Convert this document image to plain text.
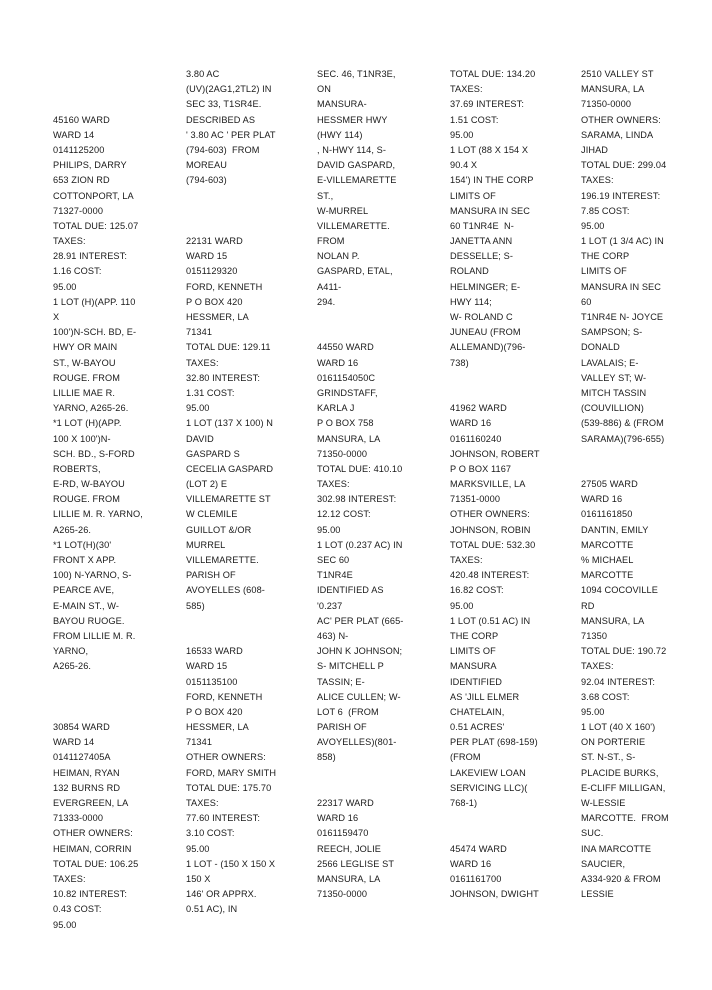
45160 WARD
WARD 14
0141125200
PHILIPS, DARRY
653 ZION RD
COTTONPORT, LA
71327-0000
TOTAL DUE: 125.07
TAXES:
28.91 INTEREST:
1.16 COST:
95.00
1 LOT (H)(APP. 110
X
100')N-SCH. BD, E-
HWY OR MAIN
ST., W-BAYOU
ROUGE. FROM
LILLIE MAE R.
YARNO, A265-26.
*1 LOT (H)(APP.
100 X 100')N-
SCH. BD., S-FORD
ROBERTS,
E-RD, W-BAYOU
ROUGE. FROM
LILLIE M. R. YARNO,
A265-26.
*1 LOT(H)(30'
FRONT X APP.
100) N-YARNO, S-
PEARCE AVE,
E-MAIN ST., W-
BAYOU RUOGE.
FROM LILLIE M. R.
YARNO,
A265-26.
30854 WARD
WARD 14
0141127405A
HEIMAN, RYAN
132 BURNS RD
EVERGREEN, LA
71333-0000
OTHER OWNERS:
HEIMAN, CORRIN
TOTAL DUE: 106.25
TAXES:
10.82 INTEREST:
0.43 COST:
95.00
3.80 AC
(UV)(2AG1,2TL2) IN
SEC 33, T1SR4E.
DESCRIBED AS
' 3.80 AC ' PER PLAT
(794-603)  FROM
MOREAU
(794-603)
22131 WARD
WARD 15
0151129320
FORD, KENNETH
P O BOX 420
HESSMER, LA
71341
TOTAL DUE: 129.11
TAXES:
32.80 INTEREST:
1.31 COST:
95.00
1 LOT (137 X 100) N
DAVID
GASPARD S
CECELIA GASPARD
(LOT 2) E
VILLEMARETTE ST
W CLEMILE
GUILLOT &/OR
MURREL
VILLEMARETTE.
PARISH OF
AVOYELLES (608-
585)
16533 WARD
WARD 15
0151135100
FORD, KENNETH
P O BOX 420
HESSMER, LA
71341
OTHER OWNERS:
FORD, MARY SMITH
TOTAL DUE: 175.70
TAXES:
77.60 INTEREST:
3.10 COST:
95.00
1 LOT - (150 X 150 X
150 X
146' OR APPRX.
0.51 AC), IN
SEC. 46, T1NR3E,
ON
MANSURA-
HESSMER HWY
(HWY 114)
, N-HWY 114, S-
DAVID GASPARD,
E-VILLEMARETTE
ST.,
W-MURREL
VILLEMARETTE.
FROM
NOLAN P.
GASPARD, ETAL,
A411-
294.
44550 WARD
WARD 16
0161154050C
GRINDSTAFF,
KARLA J
P O BOX 758
MANSURA, LA
71350-0000
TOTAL DUE: 410.10
TAXES:
302.98 INTEREST:
12.12 COST:
95.00
1 LOT (0.237 AC) IN
SEC 60
T1NR4E
IDENTIFIED AS
'0.237
AC' PER PLAT (665-
463) N-
JOHN K JOHNSON;
S- MITCHELL P
TASSIN; E-
ALICE CULLEN; W-
LOT 6  (FROM
PARISH OF
AVOYELLES)(801-
858)
22317 WARD
WARD 16
0161159470
REECH, JOLIE
2566 LEGLISE ST
MANSURA, LA
71350-0000
TOTAL DUE: 134.20
TAXES:
37.69 INTEREST:
1.51 COST:
95.00
1 LOT (88 X 154 X
90.4 X
154') IN THE CORP
LIMITS OF
MANSURA IN SEC
60 T1NR4E  N-
JANETTA ANN
DESSELLE; S-
ROLAND
HELMINGER; E-
HWY 114;
W- ROLAND C
JUNEAU (FROM
ALLEMAND)(796-
738)
41962 WARD
WARD 16
0161160240
JOHNSON, ROBERT
P O BOX 1167
MARKSVILLE, LA
71351-0000
OTHER OWNERS:
JOHNSON, ROBIN
TOTAL DUE: 532.30
TAXES:
420.48 INTEREST:
16.82 COST:
95.00
1 LOT (0.51 AC) IN
THE CORP
LIMITS OF
MANSURA
IDENTIFIED
AS 'JILL ELMER
CHATELAIN,
0.51 ACRES'
PER PLAT (698-159)
(FROM
LAKEVIEW LOAN
SERVICING LLC)(
768-1)
45474 WARD
WARD 16
0161161700
JOHNSON, DWIGHT
2510 VALLEY ST
MANSURA, LA
71350-0000
OTHER OWNERS:
SARAMA, LINDA
JIHAD
TOTAL DUE: 299.04
TAXES:
196.19 INTEREST:
7.85 COST:
95.00
1 LOT (1 3/4 AC) IN
THE CORP
LIMITS OF
MANSURA IN SEC
60
T1NR4E N- JOYCE
SAMPSON; S-
DONALD
LAVALAIS; E-
VALLEY ST; W-
MITCH TASSIN
(COUVILLION)
(539-886) & (FROM
SARAMA)(796-655)
27505 WARD
WARD 16
0161161850
DANTIN, EMILY
MARCOTTE
% MICHAEL
MARCOTTE
1094 COCOVILLE
RD
MANSURA, LA
71350
TOTAL DUE: 190.72
TAXES:
92.04 INTEREST:
3.68 COST:
95.00
1 LOT (40 X 160')
ON PORTERIE
ST. N-ST., S-
PLACIDE BURKS,
E-CLIFF MILLIGAN,
W-LESSIE
MARCOTTE.  FROM
SUC.
INA MARCOTTE
SAUCIER,
A334-920 & FROM
LESSIE
